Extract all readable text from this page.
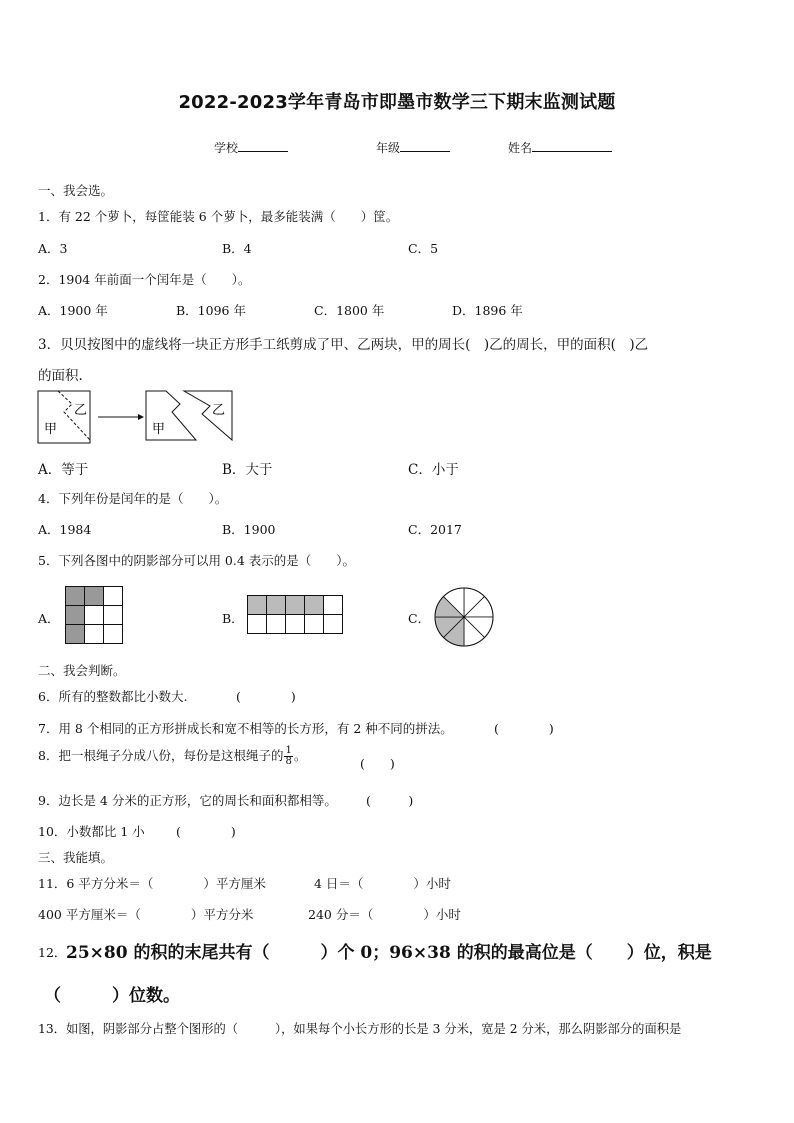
2022-2023学年青岛市即墨市数学三下期末监测试题
学校	年级	姓名
一、我会选。
1．有 22 个萝卜，每筐能装 6 个萝卜，最多能装满（　　）筐。
A．3	B．4	C．5
2．1904 年前面一个闰年是（　　）。
A．1900 年	B．1096 年	C．1800 年	D．1896 年
3．贝贝按图中的虚线将一块正方形手工纸剪成了甲、乙两块，甲的周长(　)乙的周长，甲的面积(　)乙
的面积.
甲
乙
甲
乙
A．等于	B．大于	C．小于
4．下列年份是闰年的是（　　）。
A．1984	B．1900	C．2017
5．下列各图中的阴影部分可以用 0.4 表示的是（　　）。
A．	B．	C．
二、我会判断。
6．所有的整数都比小数大.	(　　　　)
7．用 8 个相同的正方形拼成长和宽不相等的长方形，有 2 种不同的拼法。	(　　　　)
8．把一根绳子分成八份，每份是这根绳子的 $\frac{1}{8}$ 。
(　　)
9．边长是 4 分米的正方形，它的周长和面积都相等。 (　　　)
10．小数都比 1 小 (　　　　)
三、我能填。
11．6 平方分米＝（　　　　）平方厘米	4 日＝（　　　　）小时
400 平方厘米＝（　　　　）平方分米	240 分＝（　　　　）小时
12． 25×80 的积的末尾共有（　　　）个 0；96×38 的积的最高位是（　　）位，积是
（　　　）位数。
13．如图，阴影部分占整个图形的（　　　），如果每个小长方形的长是 3 分米，宽是 2 分米，那么阴影部分的面积是
